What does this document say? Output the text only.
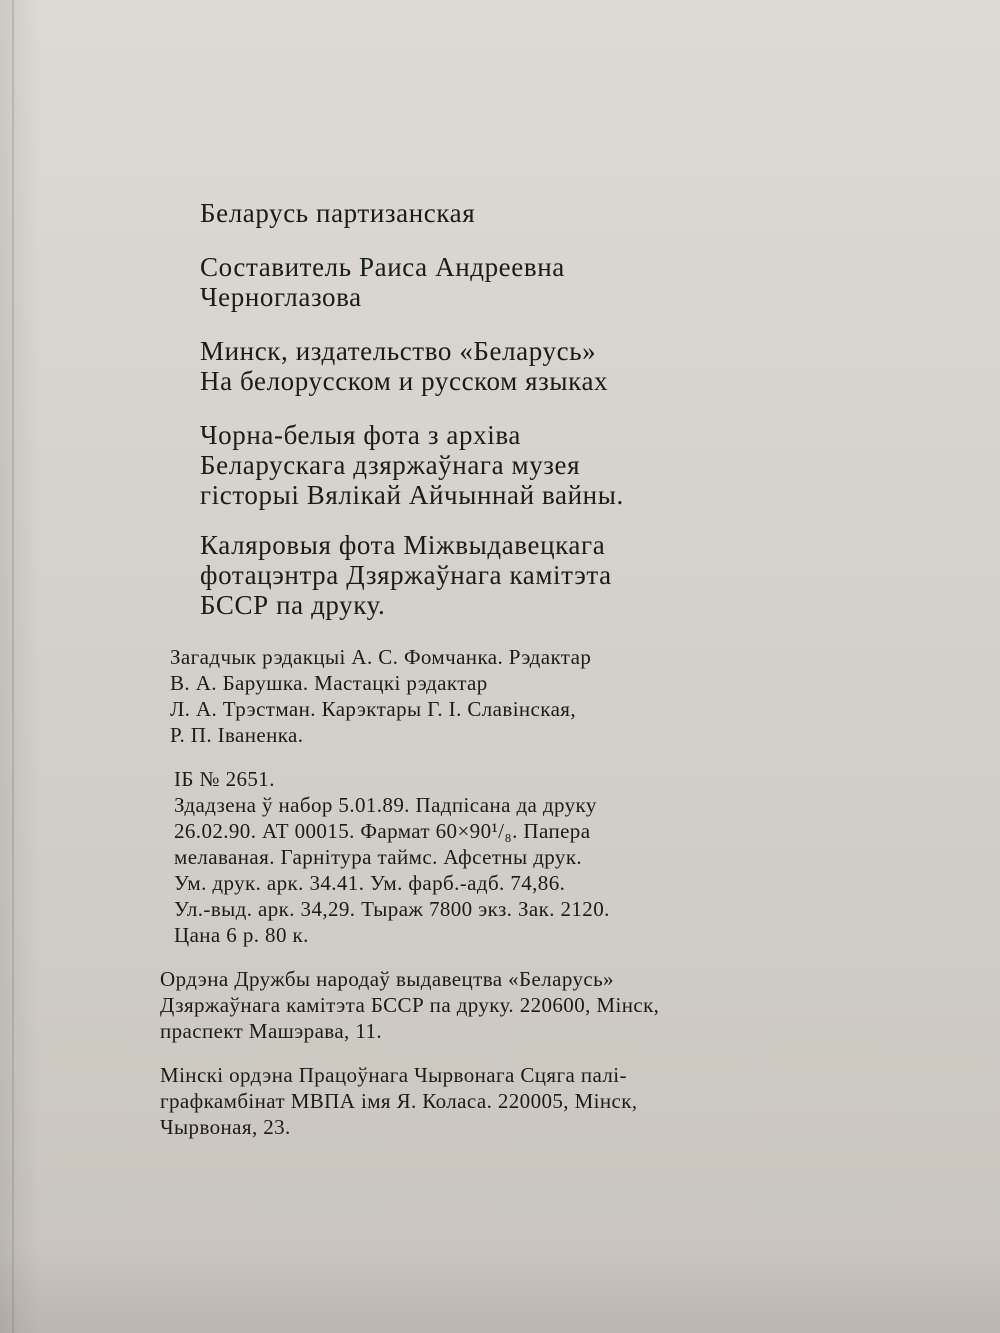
Беларусь партизанская
Составитель Раиса Андреевна
Черноглазова
Минск, издательство «Беларусь»
На белорусском и русском языках
Чорна-белыя фота з архіва
Беларускага дзяржаўнага музея
гісторыі Вялікай Айчыннай вайны.
Каляровыя фота Міжвыдавецкага
фотацэнтра Дзяржаўнага камітэта
БССР па друку.
Загадчык рэдакцыі А. С. Фомчанка. Рэдактар
В. А. Барушка. Мастацкі рэдактар
Л. А. Трэстман. Карэктары Г. І. Славінская,
Р. П. Іваненка.
ІБ № 2651.
Здадзена ў набор 5.01.89. Падпісана да друку
26.02.90. АТ 00015. Фармат 60×90¹/₈. Папера
мелаваная. Гарнітура таймс. Афсетны друк.
Ум. друк. арк. 34.41. Ум. фарб.-адб. 74,86.
Ул.-выд. арк. 34,29. Тыраж 7800 экз. Зак. 2120.
Цана 6 р. 80 к.
Ордэна Дружбы народаў выдавецтва «Беларусь»
Дзяржаўнага камітэта БССР па друку. 220600, Мінск,
праспект Машэрава, 11.
Мінскі ордэна Працоўнага Чырвонага Сцяга палі-
графкамбінат МВПА імя Я. Коласа. 220005, Мінск,
Чырвоная, 23.
